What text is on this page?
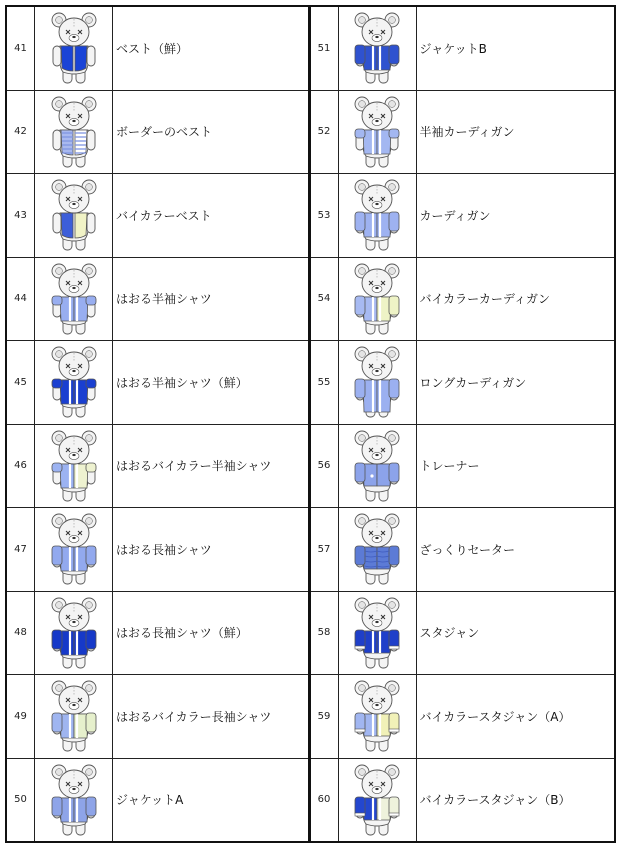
41	ベスト（鮮）
42	ボーダーのベスト
43	バイカラーベスト
44	はおる半袖シャツ
45	はおる半袖シャツ（鮮）
46	はおるバイカラー半袖シャツ
47	はおる長袖シャツ
48	はおる長袖シャツ（鮮）
49	はおるバイカラー長袖シャツ
50	ジャケットA
51	ジャケットB
52	半袖カーディガン
53	カーディガン
54	バイカラーカーディガン
55	ロングカーディガン
56	トレーナー
57	ざっくりセーター
58	スタジャン
59	バイカラースタジャン（A）
60	バイカラースタジャン（B）
